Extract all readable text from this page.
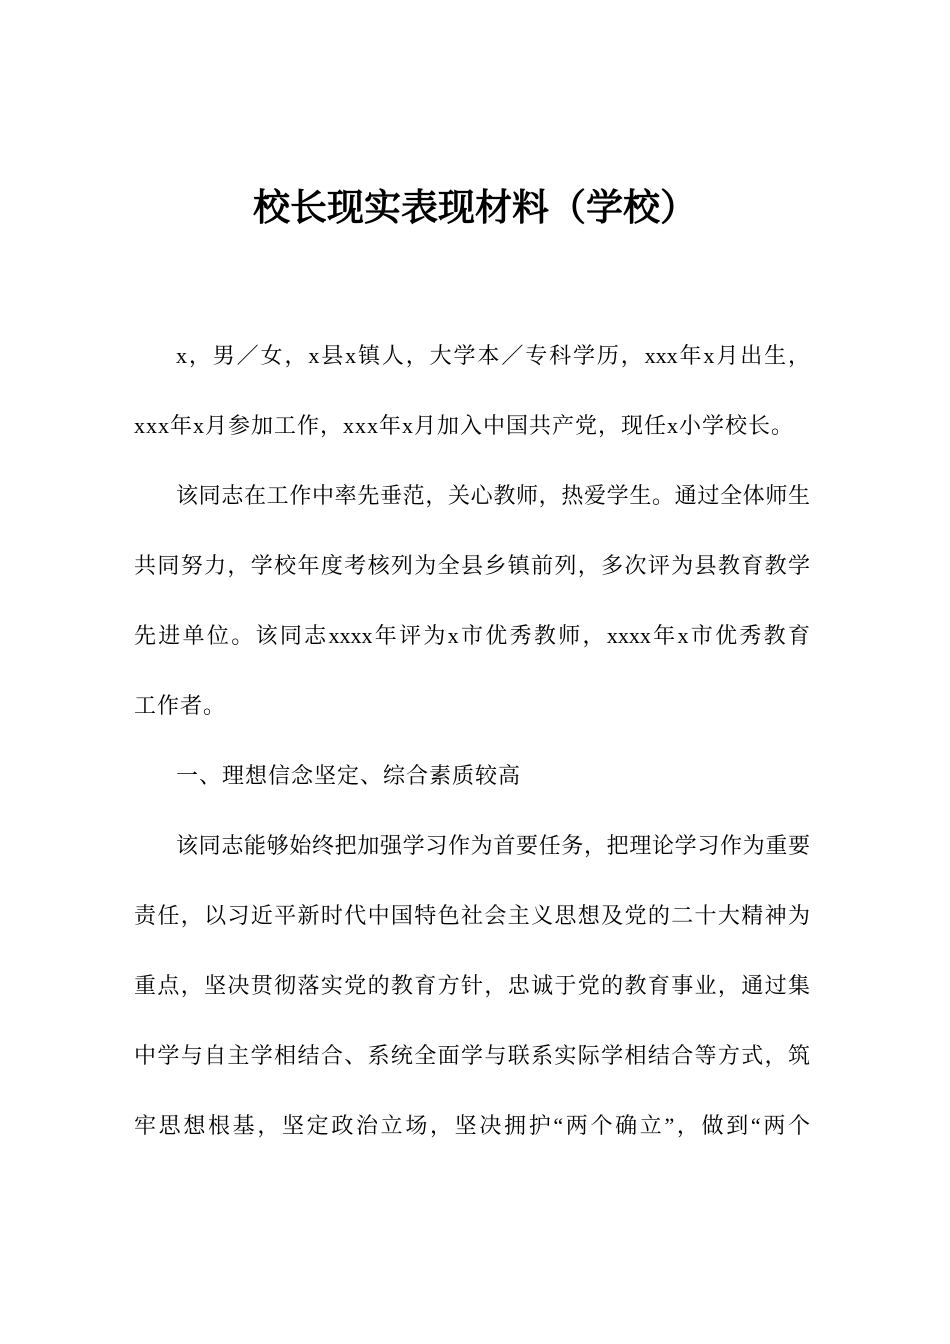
校长现实表现材料（学校）
x，男／女，x县x镇人，大学本／专科学历，xxx年x月出生，
xxx年x月参加工作，xxx年x月加入中国共产党，现任x小学校长。
该同志在工作中率先垂范，关心教师，热爱学生。通过全体师生
共同努力，学校年度考核列为全县乡镇前列，多次评为县教育教学
先进单位。该同志xxxx年评为x市优秀教师，xxxx年x市优秀教育
工作者。
一、理想信念坚定、综合素质较高
该同志能够始终把加强学习作为首要任务，把理论学习作为重要
责任，以习近平新时代中国特色社会主义思想及党的二十大精神为
重点，坚决贯彻落实党的教育方针，忠诚于党的教育事业，通过集
中学与自主学相结合、系统全面学与联系实际学相结合等方式，筑
牢思想根基，坚定政治立场，坚决拥护“两个确立”，做到“两个
